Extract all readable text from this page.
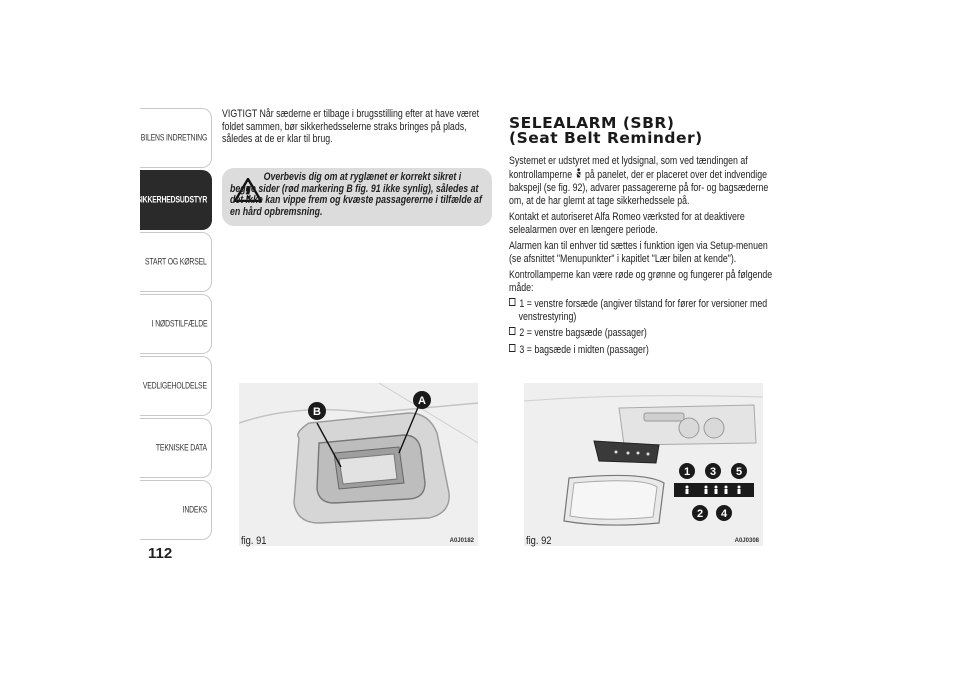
BILENS INDRETNING
SIKKERHEDSUDSTYR
START OG KØRSEL
I NØDSTILFÆLDE
VEDLIGEHOLDELSE
TEKNISKE DATA
INDEKS
112

VIGTIGT Når sæderne er tilbage i brugsstilling efter at have været foldet sammen, bør sikkerhedsselerne straks bringes på plads, således at de er klar til brug.

Overbevis dig om at ryglænet er korrekt sikret i begge sider (rød markering B fig. 91 ikke synlig), således at det ikke kan vippe frem og kvæste passagererne i tilfælde af en hård opbremsning.
SELEALARM (SBR)
(Seat Belt Reminder)

Systemet er udstyret med et lydsignal, som ved tændingen af kontrollamperne på panelet, der er placeret over det indvendige bakspejl (se fig. 92), advarer passagererne på for- og bagsæderne om, at de har glemt at tage sikkerhedssele på.

Kontakt et autoriseret Alfa Romeo værksted for at deaktivere selealarmen over en længere periode.

Alarmen kan til enhver tid sættes i funktion igen via Setup-menuen (se afsnittet "Menupunkter" i kapitlet "Lær bilen at kende").

Kontrollamperne kan være røde og grønne og fungerer på følgende måde:

1 = venstre forsæde (angiver tilstand for fører for versioner med venstrestyring)

2 = venstre bagsæde (passager)

3 = bagsæde i midten (passager)

B
A
fig. 91	A0J0182
1 3 5
2 4
fig. 92	A0J0308
